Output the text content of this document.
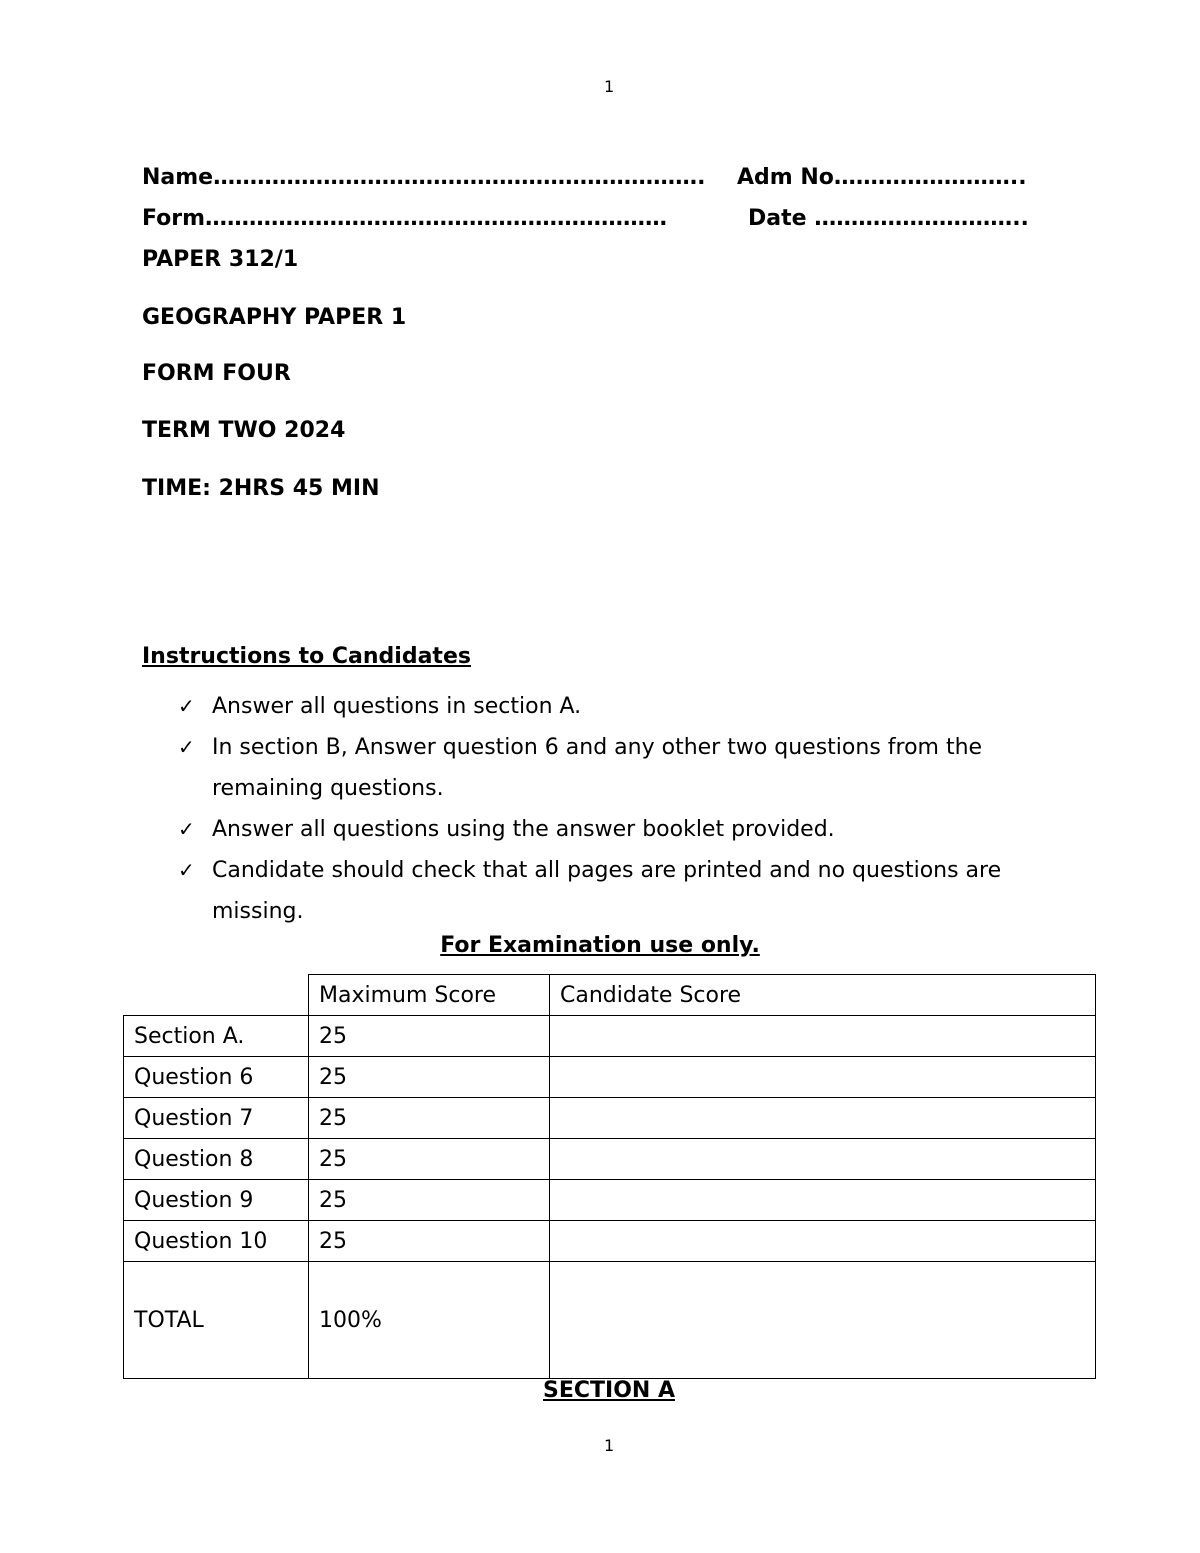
1
Name…………………………………………………………. Adm No……………………..
Form………………………………………………………	Date ………………………..
PAPER 312/1
GEOGRAPHY PAPER 1
FORM FOUR
TERM TWO 2024
TIME: 2HRS 45 MIN
Instructions to Candidates
✓ Answer all questions in section A.
✓ In section B, Answer question 6 and any other two questions from the remaining questions.
✓ Answer all questions using the answer booklet provided.
✓ Candidate should check that all pages are printed and no questions are missing.
For Examination use only.
	Maximum Score	Candidate Score
Section A.	25	
Question 6	25	
Question 7	25	
Question 8	25	
Question 9	25	
Question 10	25	
TOTAL	100%	
SECTION A
1
